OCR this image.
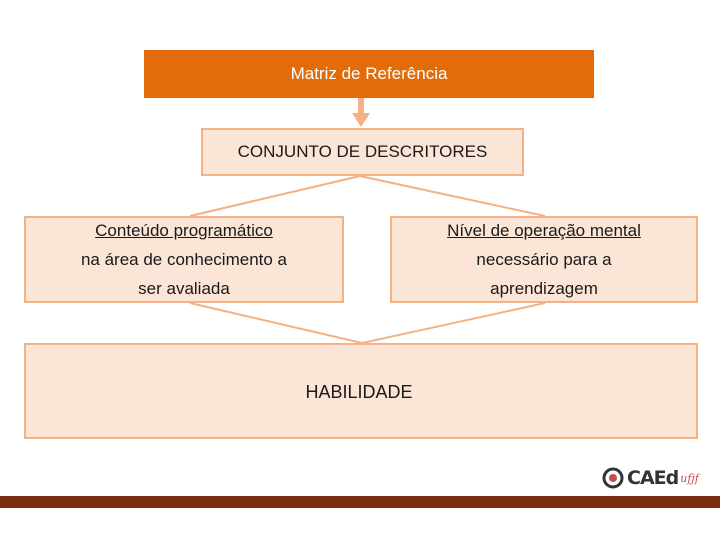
Matriz de Referência
CONJUNTO DE DESCRITORES
Conteúdo programático
na área de conhecimento a
ser avaliada
Nível de operação mental
necessário para a
aprendizagem
HABILIDADE
CAEd ufjf
